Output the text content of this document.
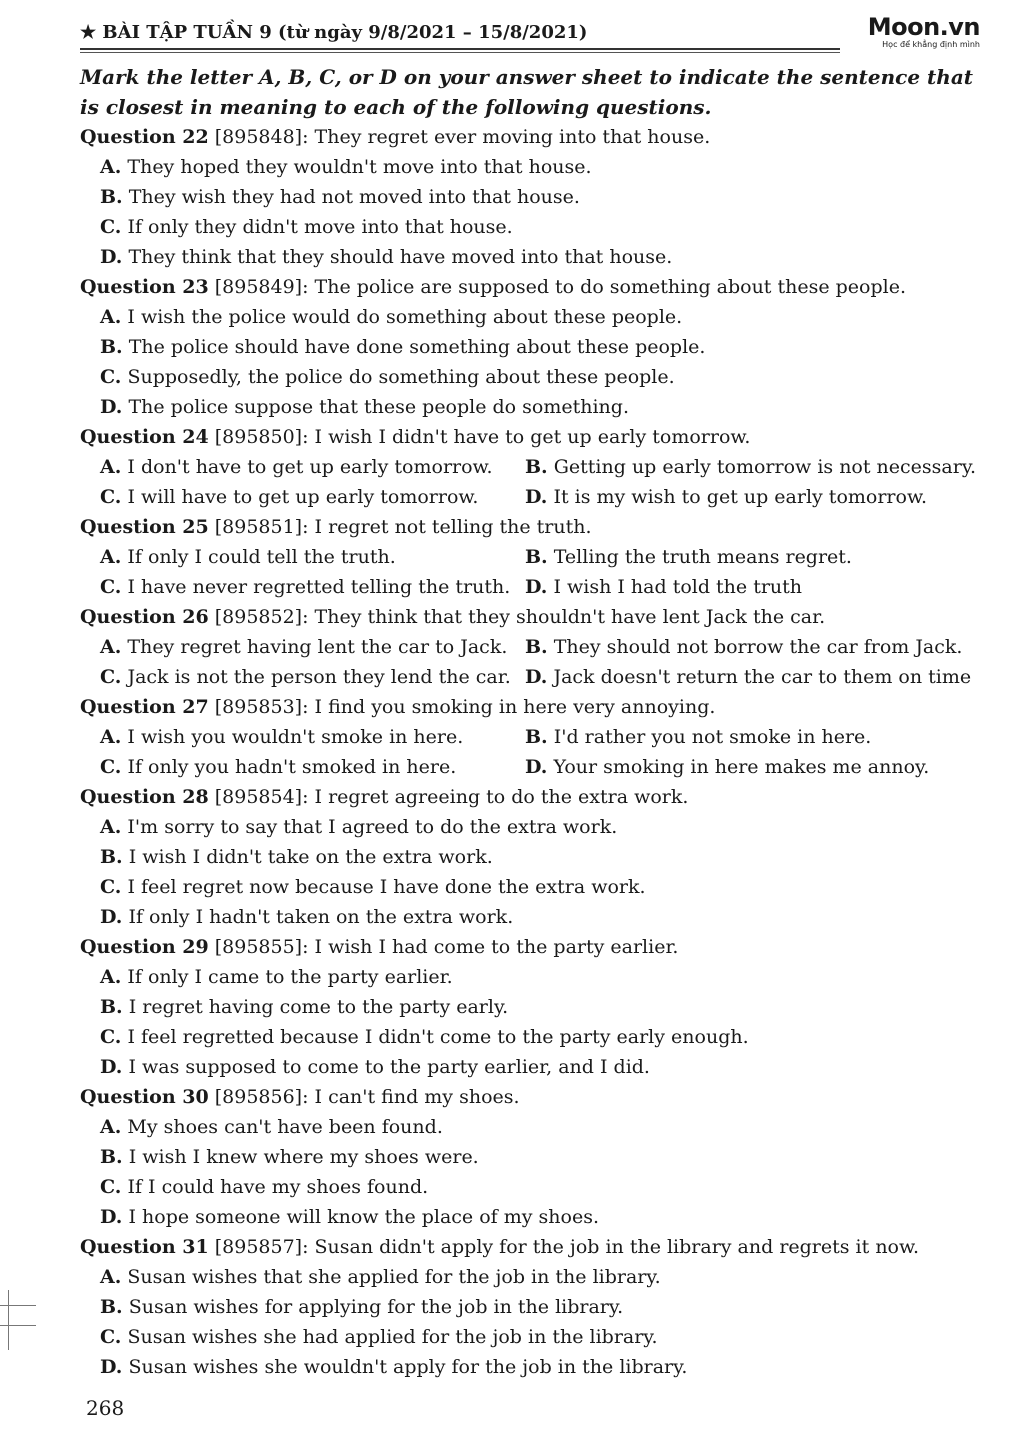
★ BÀI TẬP TUẦN 9 (từ ngày 9/8/2021 – 15/8/2021)	Moon.vn
Học để khẳng định mình
Mark the letter A, B, C, or D on your answer sheet to indicate the sentence that is closest in meaning to each of the following questions.
Question 22 [895848]: They regret ever moving into that house.
A. They hoped they wouldn't move into that house.
B. They wish they had not moved into that house.
C. If only they didn't move into that house.
D. They think that they should have moved into that house.
Question 23 [895849]: The police are supposed to do something about these people.
A. I wish the police would do something about these people.
B. The police should have done something about these people.
C. Supposedly, the police do something about these people.
D. The police suppose that these people do something.
Question 24 [895850]: I wish I didn't have to get up early tomorrow.
A. I don't have to get up early tomorrow.	B. Getting up early tomorrow is not necessary.
C. I will have to get up early tomorrow.	D. It is my wish to get up early tomorrow.
Question 25 [895851]: I regret not telling the truth.
A. If only I could tell the truth.	B. Telling the truth means regret.
C. I have never regretted telling the truth. D. I wish I had told the truth
Question 26 [895852]: They think that they shouldn't have lent Jack the car.
A. They regret having lent the car to Jack. B. They should not borrow the car from Jack.
C. Jack is not the person they lend the car. D. Jack doesn't return the car to them on time
Question 27 [895853]: I find you smoking in here very annoying.
A. I wish you wouldn't smoke in here.	B. I'd rather you not smoke in here.
C. If only you hadn't smoked in here.	D. Your smoking in here makes me annoy.
Question 28 [895854]: I regret agreeing to do the extra work.
A. I'm sorry to say that I agreed to do the extra work.
B. I wish I didn't take on the extra work.
C. I feel regret now because I have done the extra work.
D. If only I hadn't taken on the extra work.
Question 29 [895855]: I wish I had come to the party earlier.
A. If only I came to the party earlier.
B. I regret having come to the party early.
C. I feel regretted because I didn't come to the party early enough.
D. I was supposed to come to the party earlier, and I did.
Question 30 [895856]: I can't find my shoes.
A. My shoes can't have been found.
B. I wish I knew where my shoes were.
C. If I could have my shoes found.
D. I hope someone will know the place of my shoes.
Question 31 [895857]: Susan didn't apply for the job in the library and regrets it now.
A. Susan wishes that she applied for the job in the library.
B. Susan wishes for applying for the job in the library.
C. Susan wishes she had applied for the job in the library.
D. Susan wishes she wouldn't apply for the job in the library.
268
